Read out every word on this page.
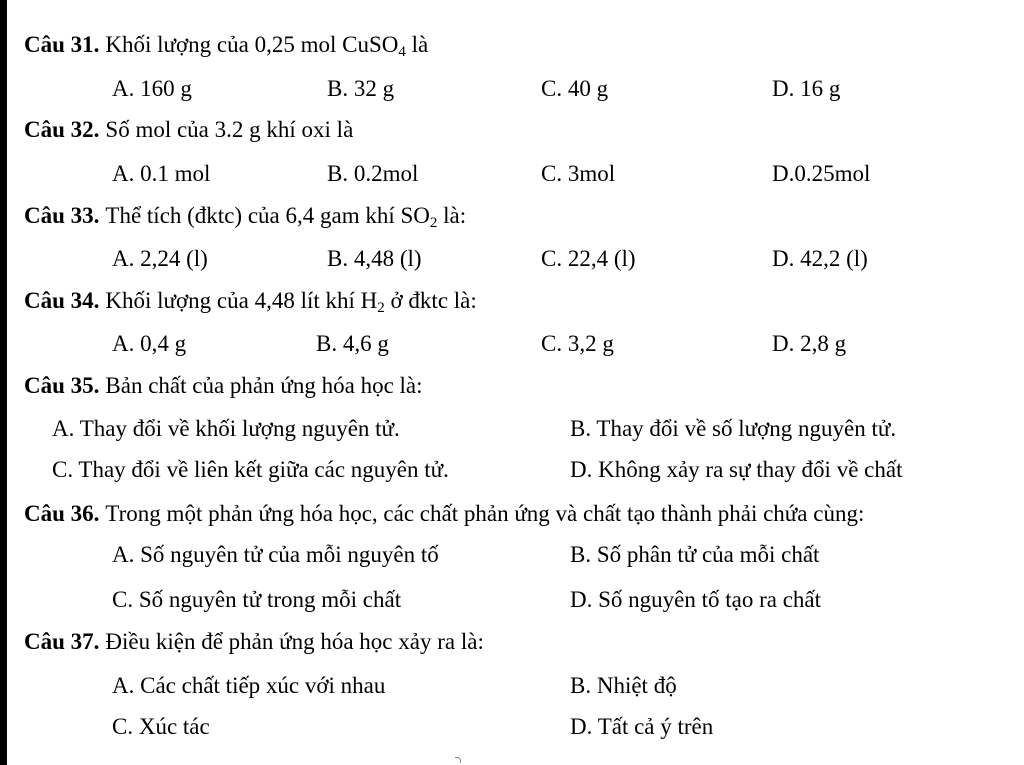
Câu 31. Khối lượng của 0,25 mol CuSO$_4$ là
A. 160 g	B. 32 g	C. 40 g	D. 16 g
Câu 32. Số mol của 3.2 g khí oxi là
A. 0.1 mol	B. 0.2mol	C. 3mol	D.0.25mol
Câu 33. Thể tích (đktc) của 6,4 gam khí $SO_2$ là:
A. 2,24 (l)	B. 4,48 (l)	C. 22,4 (l)	D. 42,2 (l)
Câu 34. Khối lượng của 4,48 lít khí $H_2$ ở đktc là:
A. 0,4 g	B. 4,6 g	C. 3,2 g	D. 2,8 g
Câu 35. Bản chất của phản ứng hóa học là:
A. Thay đổi về khối lượng nguyên tử.	B. Thay đổi về số lượng nguyên tử.
C. Thay đổi về liên kết giữa các nguyên tử.	D. Không xảy ra sự thay đổi về chất
Câu 36. Trong một phản ứng hóa học, các chất phản ứng và chất tạo thành phải chứa cùng:
A. Số nguyên tử của mỗi nguyên tố	B. Số phân tử của mỗi chất
C. Số nguyên tử trong mỗi chất	D. Số nguyên tố tạo ra chất
Câu 37. Điều kiện để phản ứng hóa học xảy ra là:
A. Các chất tiếp xúc với nhau	B. Nhiệt độ
C. Xúc tác	D. Tất cả ý trên
